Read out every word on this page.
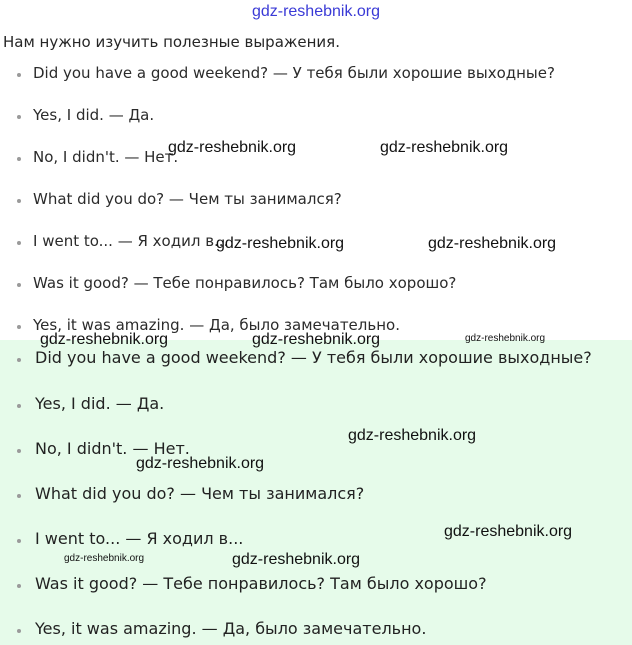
gdz-reshebnik.org
Нам нужно изучить полезные выражения.
Did you have a good weekend? — У тебя были хорошие выходные?
Yes, I did. — Да.
No, I didn't. — Нет.
What did you do? — Чем ты занимался?
I went to... — Я ходил в...
Was it good? — Тебе понравилось? Там было хорошо?
Yes, it was amazing. — Да, было замечательно.
Did you have a good weekend? — У тебя были хорошие выходные?
Yes, I did. — Да.
No, I didn't. — Нет.
What did you do? — Чем ты занимался?
I went to... — Я ходил в...
Was it good? — Тебе понравилось? Там было хорошо?
Yes, it was amazing. — Да, было замечательно.
gdz-reshebnik.org	gdz-reshebnik.org
gdz-reshebnik.org	gdz-reshebnik.org
gdz-reshebnik.org	gdz-reshebnik.org	gdz-reshebnik.org
gdz-reshebnik.org
gdz-reshebnik.org
gdz-reshebnik.org
gdz-reshebnik.org	gdz-reshebnik.org
